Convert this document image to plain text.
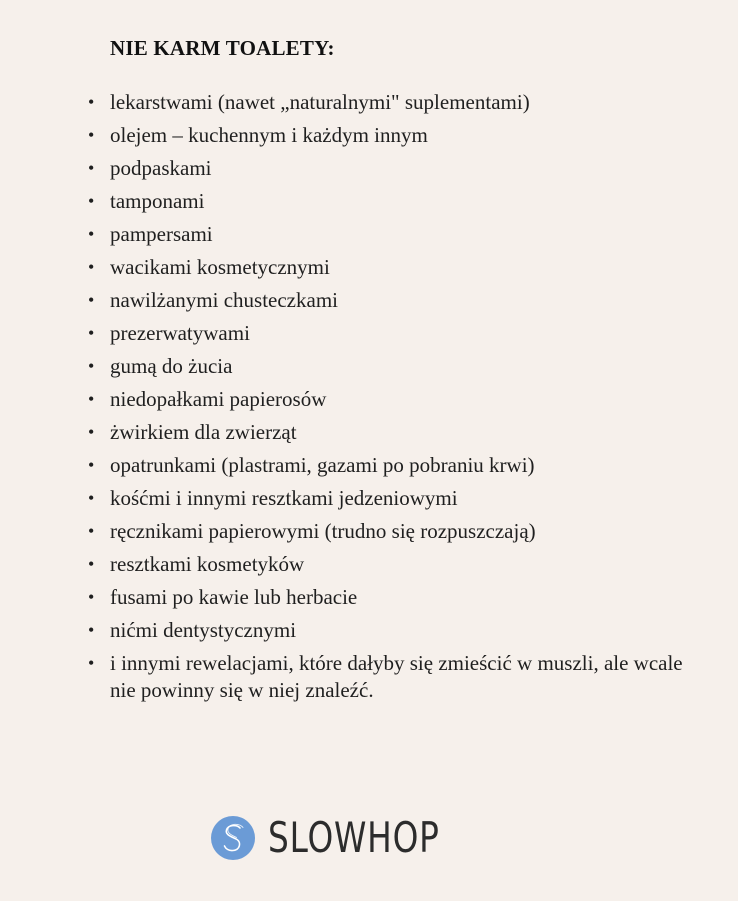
NIE KARM TOALETY:
• lekarstwami (nawet „naturalnymi" suplementami)
• olejem – kuchennym i każdym innym
• podpaskami
• tamponami
• pampersami
• wacikami kosmetycznymi
• nawilżanymi chusteczkami
• prezerwatywami
• gumą do żucia
• niedopałkami papierosów
• żwirkiem dla zwierząt
• opatrunkami (plastrami, gazami po pobraniu krwi)
• kośćmi i innymi resztkami jedzeniowymi
• ręcznikami papierowymi (trudno się rozpuszczają)
• resztkami kosmetyków
• fusami po kawie lub herbacie
• nićmi dentystycznymi
• i innymi rewelacjami, które dałyby się zmieścić w muszli, ale wcale nie powinny się w niej znaleźć.
SLOWHOP
